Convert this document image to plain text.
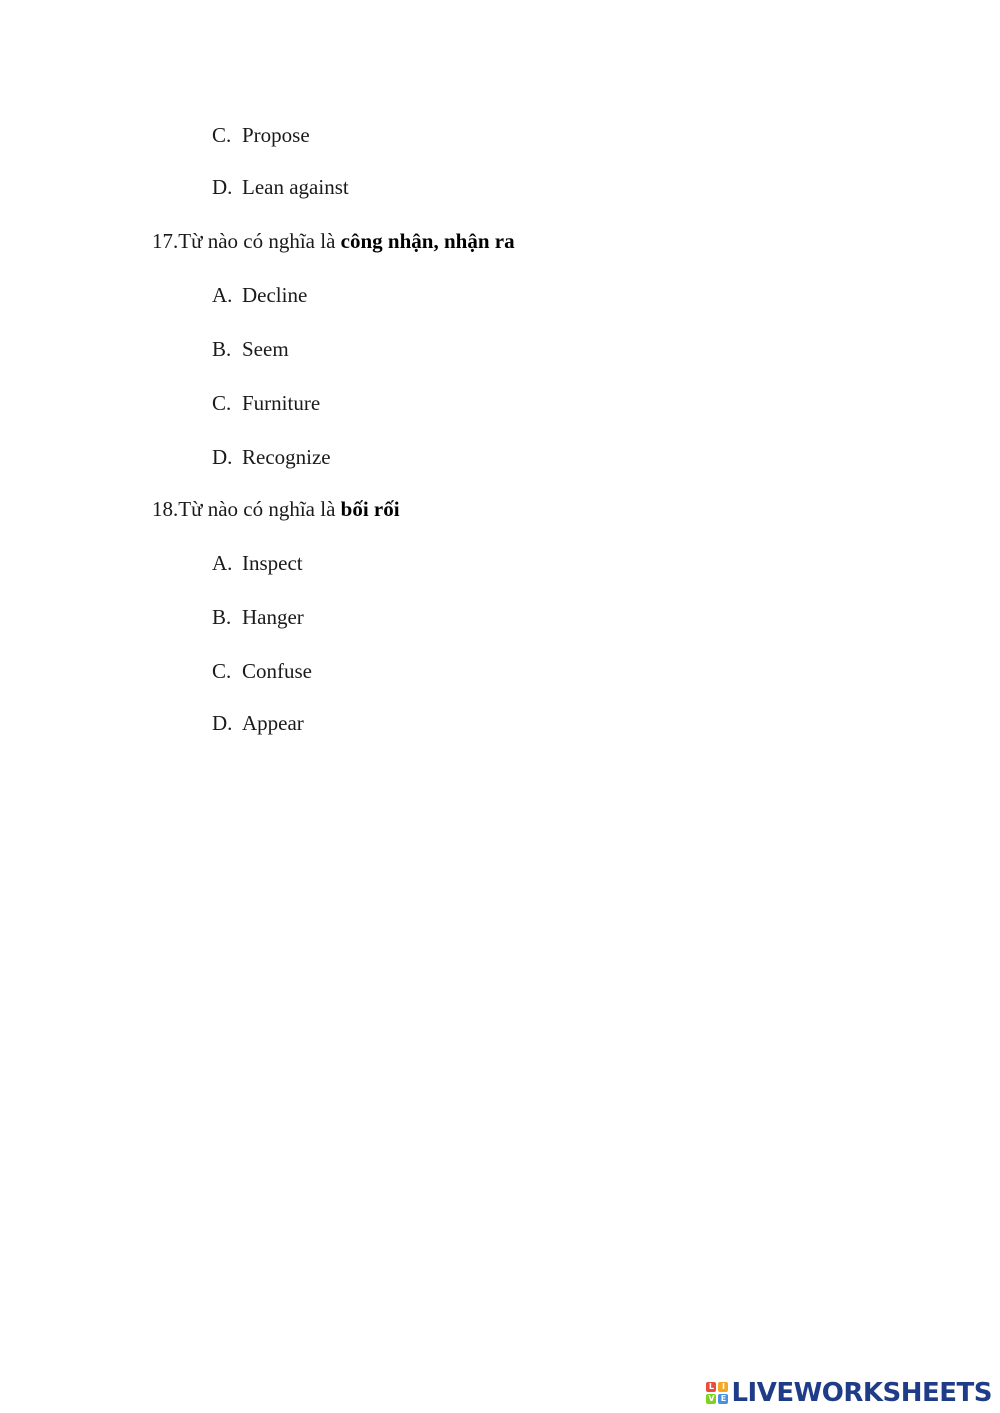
C. Propose
D. Lean against
17.Từ nào có nghĩa là công nhận, nhận ra
A. Decline
B. Seem
C. Furniture
D. Recognize
18.Từ nào có nghĩa là bối rối
A. Inspect
B. Hanger
C. Confuse
D. Appear
L I
V E LIVEWORKSHEETS
